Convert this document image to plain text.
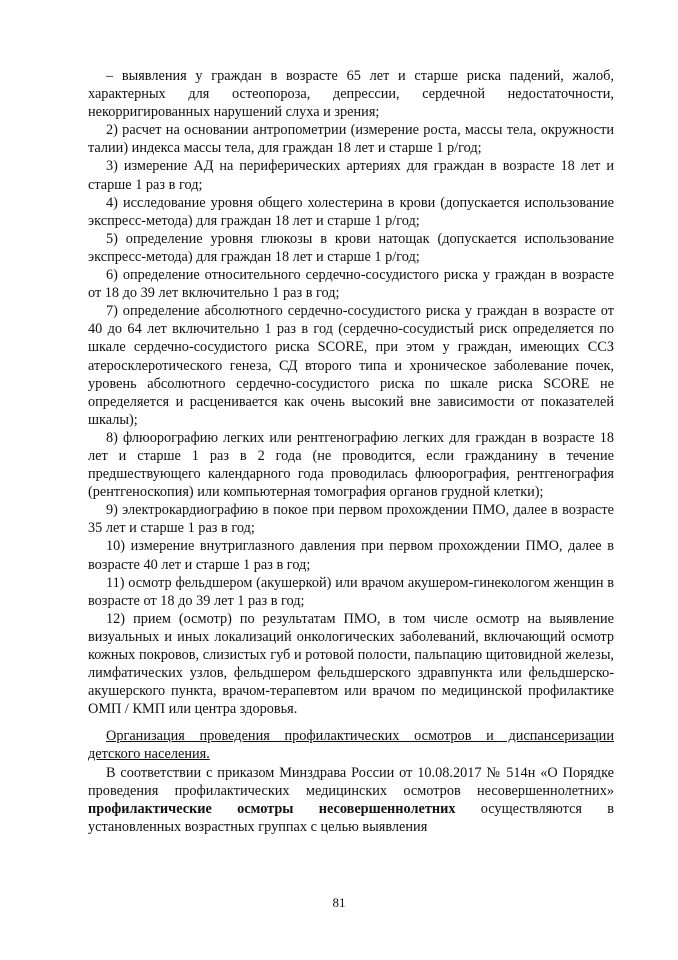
– выявления у граждан в возрасте 65 лет и старше риска падений, жалоб, характерных для остеопороза, депрессии, сердечной недостаточности, некорригированных нарушений слуха и зрения;

2) расчет на основании антропометрии (измерение роста, массы тела, окружности талии) индекса массы тела, для граждан 18 лет и старше 1 р/год;

3) измерение АД на периферических артериях для граждан в возрасте 18 лет и старше 1 раз в год;

4) исследование уровня общего холестерина в крови (допускается использование экспресс-метода) для граждан 18 лет и старше 1 р/год;

5) определение уровня глюкозы в крови натощак (допускается использование экспресс-метода) для граждан 18 лет и старше 1 р/год;

6) определение относительного сердечно-сосудистого риска у граждан в возрасте от 18 до 39 лет включительно 1 раз в год;

7) определение абсолютного сердечно-сосудистого риска у граждан в возрасте от 40 до 64 лет включительно 1 раз в год (сердечно-сосудистый риск определяется по шкале сердечно-сосудистого риска SCORE, при этом у граждан, имеющих ССЗ атеросклеротического генеза, СД второго типа и хроническое заболевание почек, уровень абсолютного сердечно-сосудистого риска по шкале риска SCORE не определяется и расценивается как очень высокий вне зависимости от показателей шкалы);

8) флюорографию легких или рентгенографию легких для граждан в возрасте 18 лет и старше 1 раз в 2 года (не проводится, если гражданину в течение предшествующего календарного года проводилась флюорография, рентгенография (рентгеноскопия) или компьютерная томография органов грудной клетки);

9) электрокардиографию в покое при первом прохождении ПМО, далее в возрасте 35 лет и старше 1 раз в год;

10) измерение внутриглазного давления при первом прохождении ПМО, далее в возрасте 40 лет и старше 1 раз в год;

11) осмотр фельдшером (акушеркой) или врачом акушером-гинекологом женщин в возрасте от 18 до 39 лет 1 раз в год;

12) прием (осмотр) по результатам ПМО, в том числе осмотр на выявление визуальных и иных локализаций онкологических заболеваний, включающий осмотр кожных покровов, слизистых губ и ротовой полости, пальпацию щитовидной железы, лимфатических узлов, фельдшером фельдшерского здравпункта или фельдшерско-акушерского пункта, врачом-терапевтом или врачом по медицинской профилактике ОМП / КМП или центра здоровья.

Организация проведения профилактических осмотров и диспансеризации детского населения.

В соответствии с приказом Минздрава России от 10.08.2017 № 514н «О Порядке проведения профилактических медицинских осмотров несовершеннолетних» профилактические осмотры несовершеннолетних осуществляются в установленных возрастных группах с целью выявления

81
